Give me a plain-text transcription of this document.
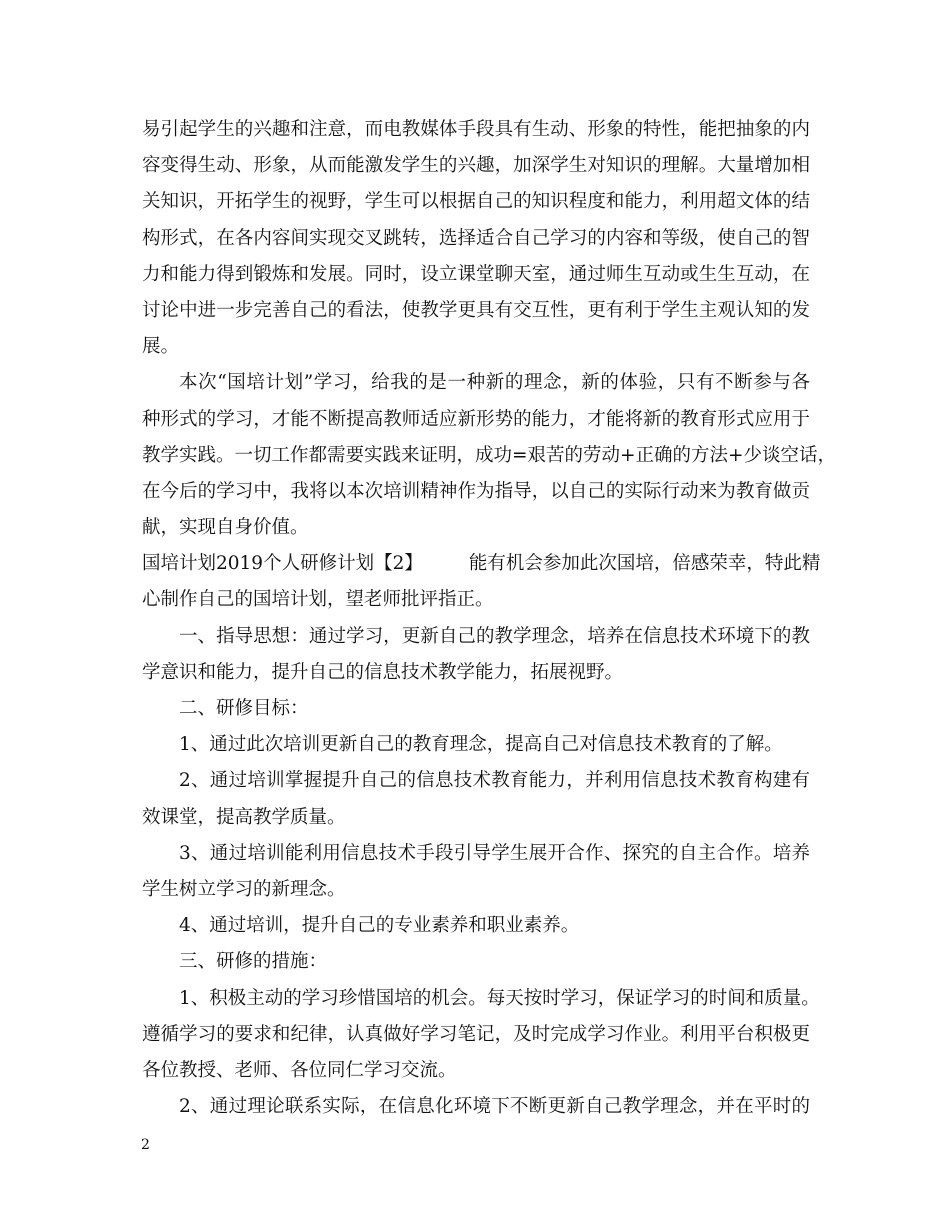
易引起学生的兴趣和注意，而电教媒体手段具有生动、形象的特性，能把抽象的内
容变得生动、形象，从而能激发学生的兴趣，加深学生对知识的理解。大量增加相
关知识，开拓学生的视野，学生可以根据自己的知识程度和能力，利用超文体的结
构形式，在各内容间实现交叉跳转，选择适合自己学习的内容和等级，使自己的智
力和能力得到锻炼和发展。同时，设立课堂聊天室，通过师生互动或生生互动，在
讨论中进一步完善自己的看法，使教学更具有交互性，更有利于学生主观认知的发
展。
本次“国培计划”学习，给我的是一种新的理念，新的体验，只有不断参与各
种形式的学习，才能不断提高教师适应新形势的能力，才能将新的教育形式应用于
教学实践。一切工作都需要实践来证明，成功=艰苦的劳动+正确的方法+少谈空话，
在今后的学习中，我将以本次培训精神作为指导，以自己的实际行动来为教育做贡
献，实现自身价值。
国培计划2019个人研修计划【2】 能有机会参加此次国培，倍感荣幸，特此精
心制作自己的国培计划，望老师批评指正。
一、指导思想：通过学习，更新自己的教学理念，培养在信息技术环境下的教
学意识和能力，提升自己的信息技术教学能力，拓展视野。
二、研修目标：
1、通过此次培训更新自己的教育理念，提高自己对信息技术教育的了解。
2、通过培训掌握提升自己的信息技术教育能力，并利用信息技术教育构建有
效课堂，提高教学质量。
3、通过培训能利用信息技术手段引导学生展开合作、探究的自主合作。培养
学生树立学习的新理念。
4、通过培训，提升自己的专业素养和职业素养。
三、研修的措施：
1、积极主动的学习珍惜国培的机会。每天按时学习，保证学习的时间和质量。
遵循学习的要求和纪律，认真做好学习笔记，及时完成学习作业。利用平台积极更
各位教授、老师、各位同仁学习交流。
2、通过理论联系实际，在信息化环境下不断更新自己教学理念，并在平时的
2
